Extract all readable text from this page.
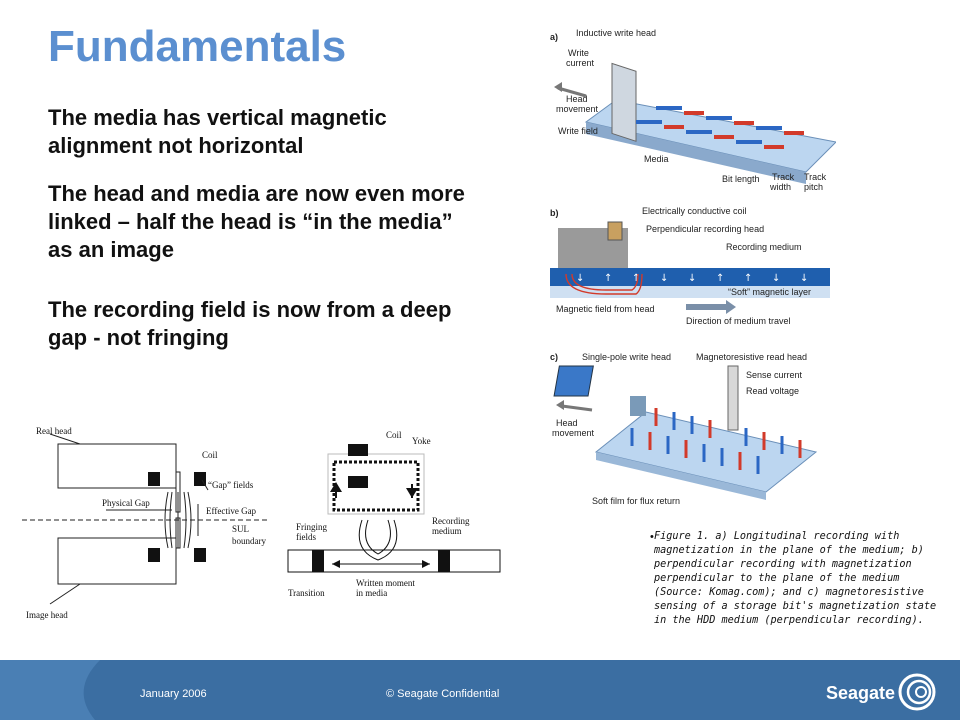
Fundamentals

The media has vertical magnetic alignment not horizontal

The head and media are now even more linked – half the head is “in the media” as an image

The recording field is now from a deep gap - not fringing

Real head
Coil
“Gap” fields
Physical Gap
Effective Gap
SUL
boundary
Image head
Coil
Yoke
Fringing
fields
Recording
medium
Transition
Written moment
in media
a) Inductive write head
Write
current
Head
movement
Write field
Media
Bit length Track
width
Track
pitch
b)
↓ ↑ ↑ ↓ ↓ ↑ ↑ ↓ ↓
Electrically conductive coil
Perpendicular recording head
Recording medium
“Soft” magnetic layer
Magnetic field from head
Direction of medium travel
c)	Single-pole write head	Magnetoresistive read head
Sense current
Read voltage
Head
movement
Soft film for flux return
• Figure 1. a) Longitudinal recording with magnetization in the plane of the medium; b) perpendicular recording with magnetization perpendicular to the plane of the medium (Source: Komag.com); and c) magnetoresistive sensing of a storage bit's magnetization state in the HDD medium (perpendicular recording).
January 2006	© Seagate Confidential	Seagate
